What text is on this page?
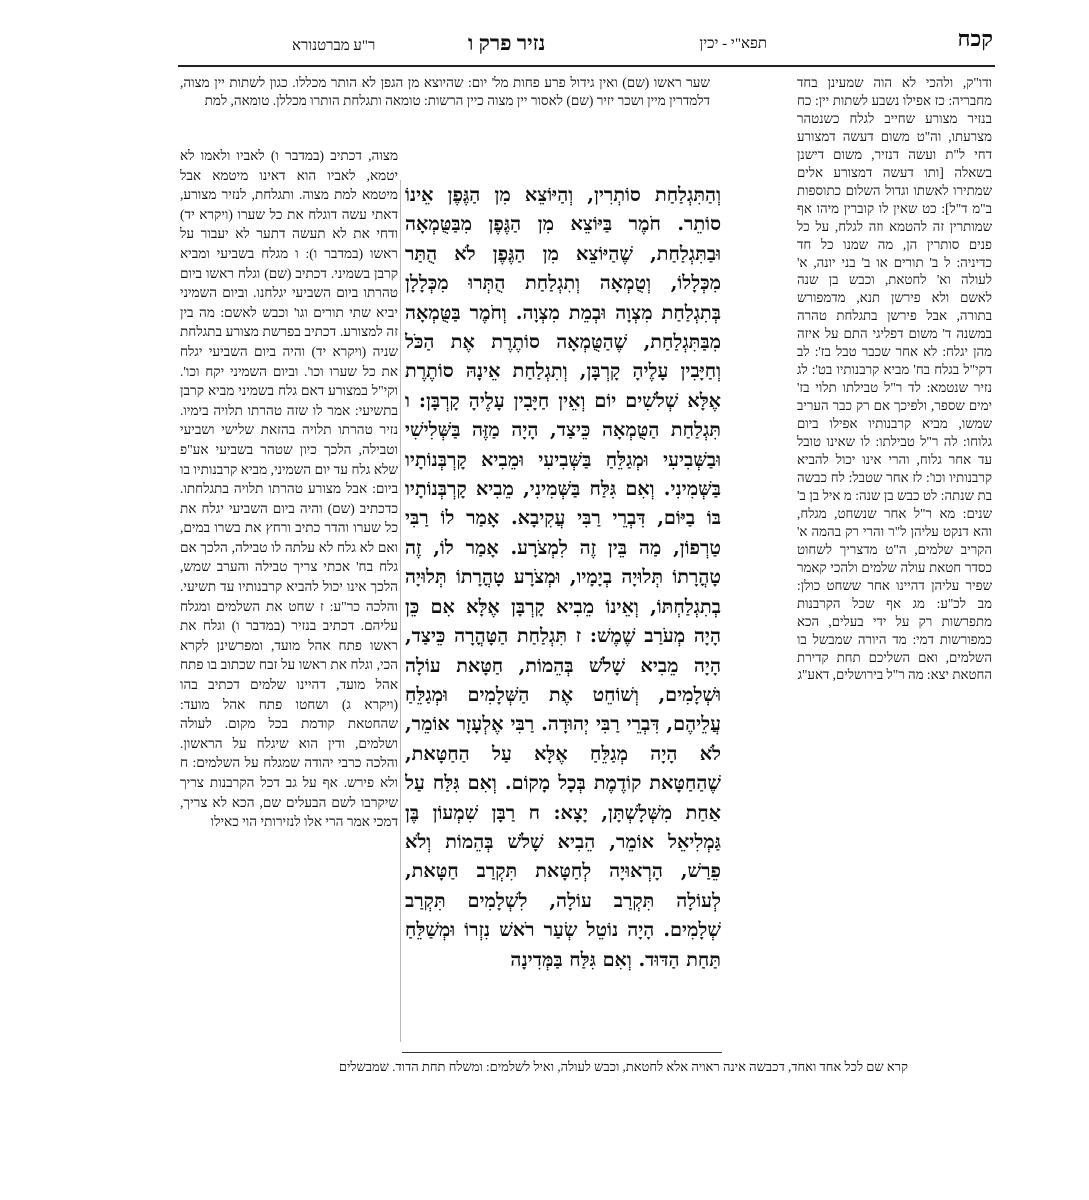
קכח
תפא"י - יכין
נזיר פרק ו
ר"ע מברטנורא
ודו"ק, ולהכי לא הוה שמעינן בחד מחבריה: כז אפילו נשבע לשתות יין: כח בנזיר מצורע שחייב לגלח כשנטהר מצרעתו, וה"ט משום דעשה דמצורע דחי ל"ת ועשה דנזיר, משום דישנן בשאלה [ותו דעשה דמצורע אלים שמתירו לאשתו וגדול השלום כתוספות ב"מ ד"ל]: כט שאין לו קוברין מיהו אף שמותרין זה להטמא וזה לגלח, על כל פנים סותרין הן, מה שמנו כל חד כדיניה: ל ב' תורים או ב' בני יונה, א' לעולה וא' לחטאת, וכבש בן שנה לאשם ולא פירשן תנא, מדמפורש בתורה, אבל פירשן בתגלחת טהרה במשנה ד' משום דפליגי התם על איזה מהן יגלח: לא אחר שכבר טבל בז': לב דקי"ל בגלח בח' מביא קרבנותיו בט': לג נזיר שנטמא: לד ר"ל טבילתו תלוי בז' ימים שספר, ולפיכך אם רק כבר העריב שמשו, מביא קרבנותיו אפילו ביום גלוחו: לה ר"ל טבילתו: לו שאינו טובל עד אחר גלוח, והרי אינו יכול להביא קרבנותיו וכו': לז אחר שטבל: לח כבשה בת שנתה: לט כבש בן שנה: מ איל בן ב' שנים: מא ר"ל אחר שנשחט, מגלח, והא דנקט עליהן ל"ר והרי רק בהמה א' הקריב שלמים, ה"ט מדצריך לשחוט כסדר חטאת עולה שלמים ולהכי קאמר שפיר עליהן דהיינו אחר ששחט כולן: מב לכ"ע: מג אף שכל הקרבנות מתפרשות רק על ידי בעלים, הכא כמפורשות דמי: מד היורה שמבשל בו השלמים, ואם השליכם תחת קדירת החטאת יצא: מה ר"ל בירושלים, דאע"ג
שער ראשו (שם) ואין גידול פרע פחות מל' יום: שהיוצא מן הגפן לא הותר מכללו. כגון לשתות יין מצוה, דלמדרין מיין ושכר יזיר (שם) לאסור יין מצוה כיין הרשות: טומאה ותגלחת הותרו מכללן. טומאה, למת
וְהַתִּגְלַחַת סוֹתְרִין, וְהַיּוֹצֵא מִן הַגֶּפֶן אֵינוֹ סוֹתֵר. חֹמֶר בַּיּוֹצֵא מִן הַגֶּפֶן מִבַּטֻּמְאָה וּבַתִּגְלַחַת, שֶׁהַיּוֹצֵא מִן הַגֶּפֶן לֹא הֻתַּר מִכְּלָלוֹ, וְטֻמְאָה וְתִגְלַחַת הֻתְּרוּ מִכְּלָלָן בְּתִגְלַחַת מִצְוָה וּבְמֵת מִצְוָה. וְחֹמֶר בַּטֻּמְאָה מִבַּתִּגְלַחַת, שֶׁהַטֻּמְאָה סוֹתֶרֶת אֶת הַכֹּל וְחַיָּבִין עָלֶיהָ קָרְבָּן, וְתִגְלַחַת אֵינָהּ סוֹתֶרֶת אֶלָּא שְׁלֹשִׁים יוֹם וְאֵין חַיָּבִין עָלֶיהָ קָרְבָּן: ו תִּגְלַחַת הַטֻּמְאָה כֵּיצַד, הָיָה מַזֶּה בַּשְּׁלִישִׁי וּבַשְּׁבִיעִי וּמְגַלֵּחַ בַּשְּׁבִיעִי וּמֵבִיא קָרְבְּנוֹתָיו בַּשְּׁמִינִי. וְאִם גִּלַּח בַּשְּׁמִינִי, מֵבִיא קָרְבְּנוֹתָיו בּוֹ בַיּוֹם, דִּבְרֵי רַבִּי עֲקִיבָא. אָמַר לוֹ רַבִּי טַרְפוֹן, מַה בֵּין זֶה לִמְצֹרָע. אָמַר לוֹ, זֶה טָהֳרָתוֹ תְּלוּיָה בְיָמָיו, וּמְצֹרָע טָהֳרָתוֹ תְּלוּיָה בְתִגְלַחְתּוֹ, וְאֵינוֹ מֵבִיא קָרְבָּן אֶלָּא אִם כֵּן הָיָה מְעֹרַב שֶׁמֶשׁ: ז תִּגְלַחַת הַטָּהֳרָה כֵּיצַד, הָיָה מֵבִיא שָׁלֹשׁ בְּהֵמוֹת, חַטָּאת עוֹלָה וּשְׁלָמִים, וְשׁוֹחֵט אֶת הַשְּׁלָמִים וּמְגַלֵּחַ עֲלֵיהֶם, דִּבְרֵי רַבִּי יְהוּדָה. רַבִּי אֶלְעָזָר אוֹמֵר, לֹא הָיָה מְגַלֵּחַ אֶלָּא עַל הַחַטָּאת, שֶׁהַחַטָּאת קוֹדֶמֶת בְּכָל מָקוֹם. וְאִם גִּלַּח עַל אַחַת מִשְּׁלָשְׁתָּן, יָצָא: ח רַבָּן שִׁמְעוֹן בֶּן גַּמְלִיאֵל אוֹמֵר, הֵבִיא שָׁלֹשׁ בְּהֵמוֹת וְלֹא פֵרַשׁ, הָרְאוּיָה לְחַטָּאת תִּקְרַב חַטָּאת, לְעוֹלָה תִּקְרַב עוֹלָה, לִשְׁלָמִים תִּקְרַב שְׁלָמִים. הָיָה נוֹטֵל שְׂעַר רֹאשׁ נִזְרוֹ וּמְשַׁלֵּחַ תַּחַת הַדּוּד. וְאִם גִּלַּח בַּמְּדִינָה
מצוה, דכתיב (במדבר ו) לאביו ולאמו לא יטמא, לאביו הוא דאינו מיטמא אבל מיטמא למת מצוה. ותגלחת, לנזיר מצורע, דאתי עשה דוגלח את כל שערו (ויקרא יד) ודחי את לא תעשה דתער לא יעבור על ראשו (במדבר ו): ו מגלח בשביעי ומביא קרבן בשמיני. דכתיב (שם) וגלח ראשו ביום טהרתו ביום השביעי יגלחנו. וביום השמיני יביא שתי תורים וגו' וכבש לאשם: מה בין זה למצורע. דכתיב בפרשת מצורע בתגלחת שניה (ויקרא יד) והיה ביום השביעי יגלח את כל שערו וכו'. וביום השמיני יקח וכו'. וקי"ל במצורע דאם גלח בשמיני מביא קרבן בתשיעי: אמר לו שזה טהרתו תלויה בימיו. נזיר טהרתו תלויה בהזאת שלישי ושביעי וטבילה, הלכך כיון שטהר בשביעי אע"פ שלא גלח עד יום השמיני, מביא קרבנותיו בו ביום: אבל מצורע טהרתו תלויה בתגלחתו. כדכתיב (שם) והיה ביום השביעי יגלח את כל שערו והדר כתיב ורחץ את בשרו במים, ואם לא גלח לא עלתה לו טבילה, הלכך אם גלח בח' אכתי צריך טבילה והערב שמש, הלכך אינו יכול להביא קרבנותיו עד תשיעי. והלכה כר"ע: ז שחט את השלמים ומגלח עליהם. דכתיב בנזיר (במדבר ו) וגלח את ראשו פתח אהל מועד, ומפרשינן לקרא הכי, וגלח את ראשו על זבח שכתוב בו פתח אהל מועד, דהיינו שלמים דכתיב בהו (ויקרא ג) ושחטו פתח אהל מועד: שהחטאת קודמת בכל מקום. לעולה ושלמים, ודין הוא שיגלח על הראשון. והלכה כרבי יהודה שמגלח על השלמים: ח ולא פירש. אף על גב דכל הקרבנות צריך שיקרבו לשם הבעלים שם, הכא לא צריך, דמכי אמר הרי אלו לנזירותי הוי כאילו
קרא שם לכל אחד ואחד, דכבשה אינה ראויה אלא לחטאת, וכבש לעולה, ואיל לשלמים: ומשלח תחת הדוד. שמבשלים
